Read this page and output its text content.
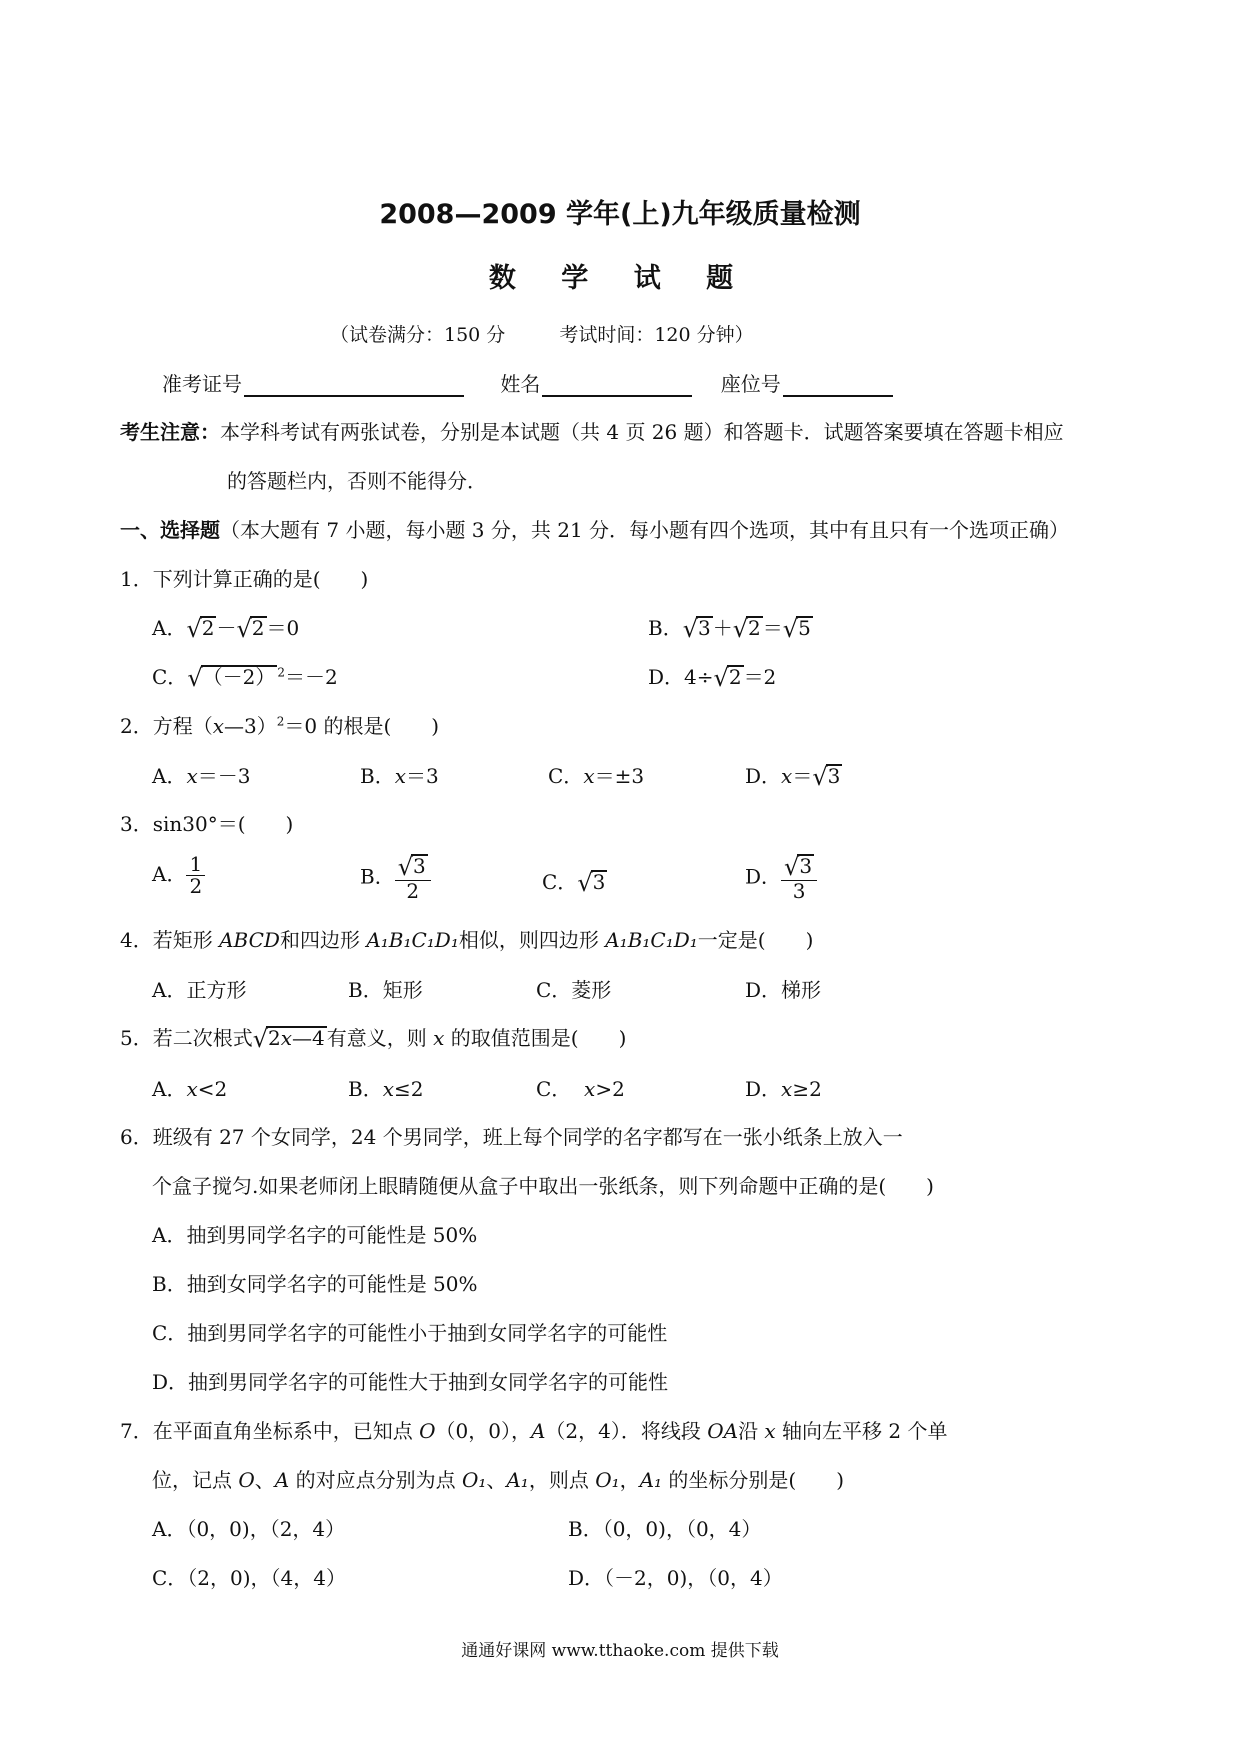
2008—2009 学年(上)九年级质量检测
数 学 试 题
（试卷满分：150 分	考试时间：120 分钟）
准考证号	姓名	座位号
考生注意：本学科考试有两张试卷，分别是本试题（共 4 页 26 题）和答题卡．试题答案要填在答题卡相应
的答题栏内，否则不能得分．
一、选择题（本大题有 7 小题，每小题 3 分，共 21 分．每小题有四个选项，其中有且只有一个选项正确）
1．下列计算正确的是(　　)
A．√2 －√2 ＝0	B．√3 ＋√2 ＝√5
C．√（－2） $^2$＝－2	D．4÷√2 ＝2
2．方程（x—3）$^2$＝0 的根是(　　)
A．x＝－3	B．x＝3	C．x＝±3	D．x＝√3
3．sin30°＝(　　)
A． $\frac{1}{2}$	B． $\frac{√3}{2}$	C．√3	D． $\frac{√3}{3}$
4．若矩形 ABCD和四边形 A₁B₁C₁D₁相似，则四边形 A₁B₁C₁D₁一定是(　　)
A．正方形	B．矩形	C．菱形	D．梯形
5．若二次根式√2x—4 有意义，则 x 的取值范围是(　　)
A．x<2	B．x≤2	C． x>2	D．x≥2
6．班级有 27 个女同学，24 个男同学，班上每个同学的名字都写在一张小纸条上放入一
个盒子搅匀.如果老师闭上眼睛随便从盒子中取出一张纸条，则下列命题中正确的是(　　)
A．抽到男同学名字的可能性是 50%
B．抽到女同学名字的可能性是 50%
C．抽到男同学名字的可能性小于抽到女同学名字的可能性
D．抽到男同学名字的可能性大于抽到女同学名字的可能性
7．在平面直角坐标系中，已知点 O（0，0），A（2，4）．将线段 OA沿 x 轴向左平移 2 个单
位，记点 O、A 的对应点分别为点 O₁、A₁，则点 O₁，A₁ 的坐标分别是(　　)
A．（0，0)，（2，4）	B．（0，0)，（0，4）
C．（2，0)，（4，4）	D．（－2，0)，（0，4）
通通好课网 www.tthaoke.com 提供下载
